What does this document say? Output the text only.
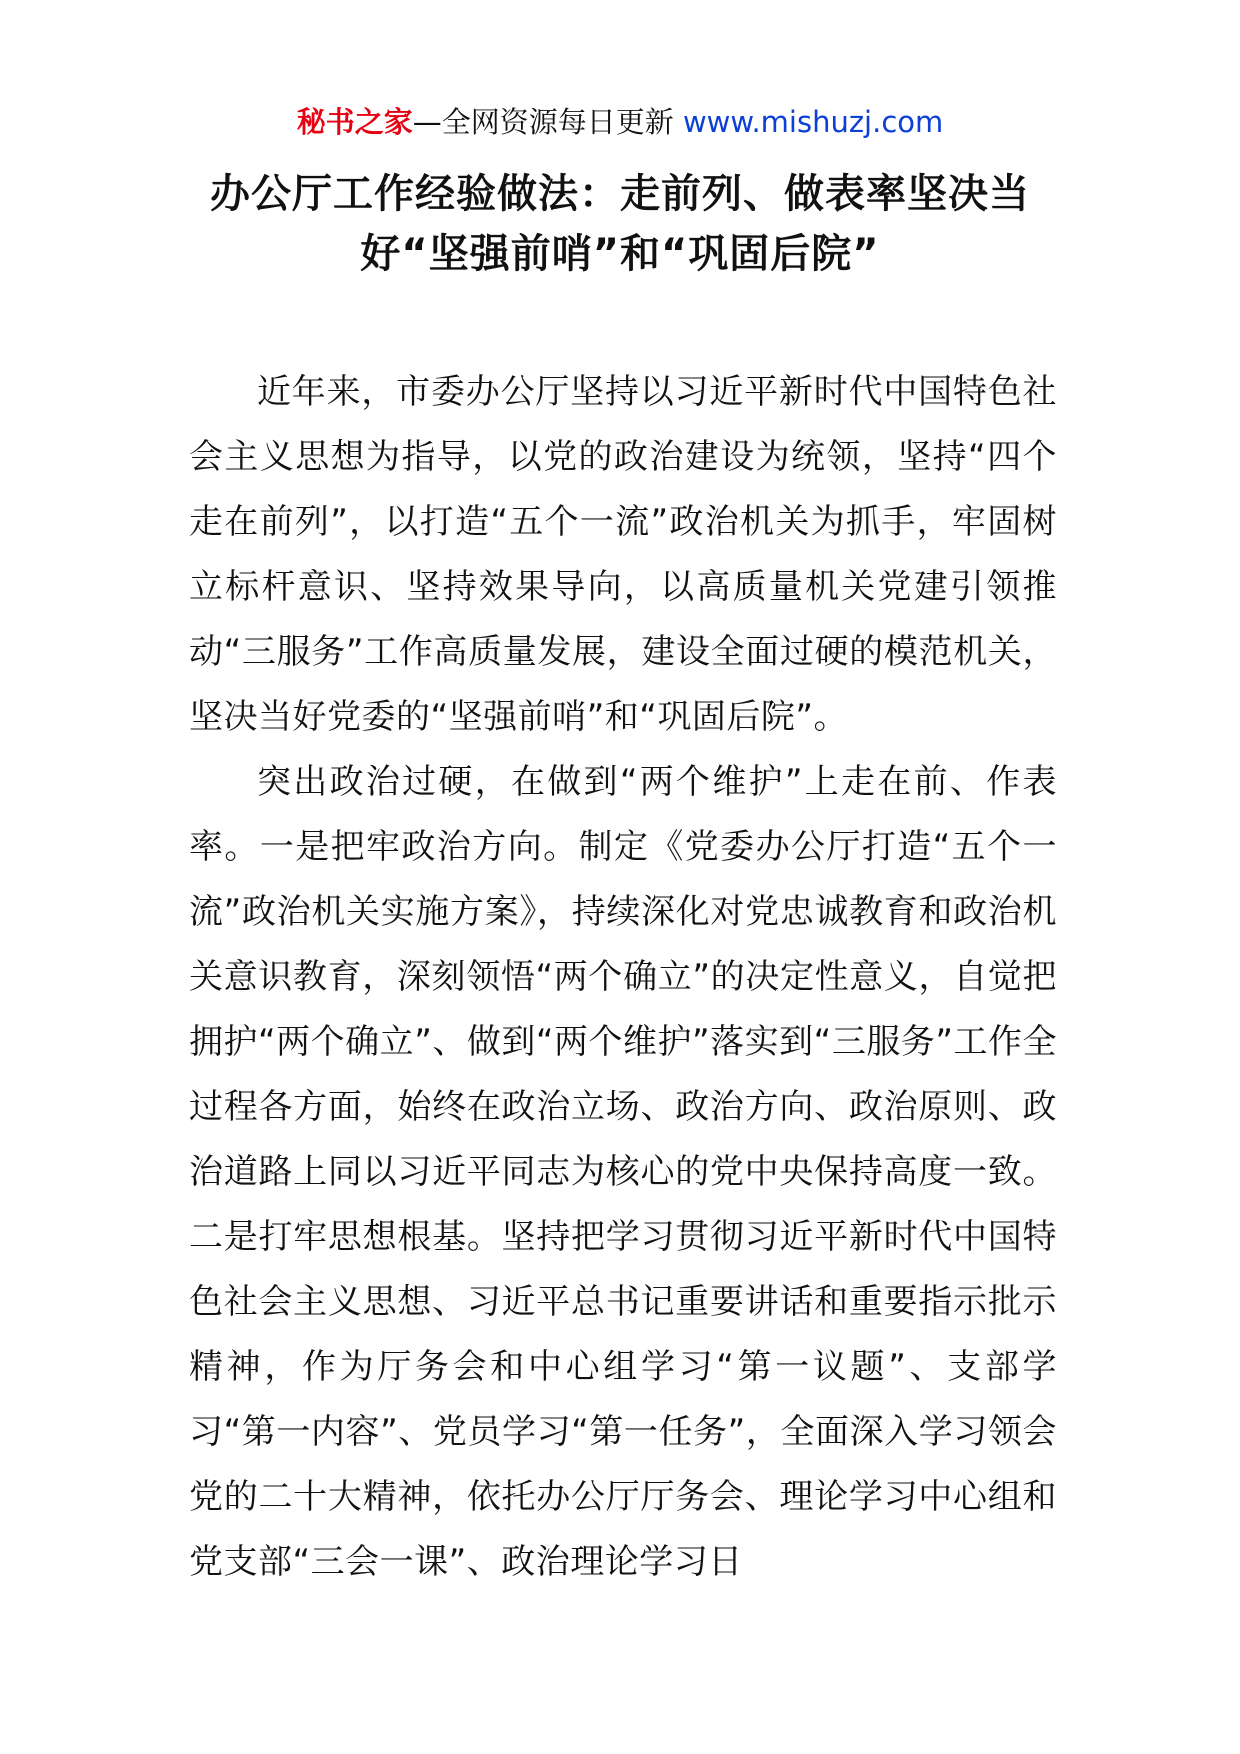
秘书之家—全网资源每日更新 www.mishuzj.com
办公厅工作经验做法：走前列、做表率坚决当
好“坚强前哨”和“巩固后院”

近年来，市委办公厅坚持以习近平新时代中国特色社会主义思想为指导，以党的政治建设为统领，坚持“四个走在前列”，以打造“五个一流”政治机关为抓手，牢固树立标杆意识、坚持效果导向，以高质量机关党建引领推动“三服务”工作高质量发展，建设全面过硬的模范机关，坚决当好党委的“坚强前哨”和“巩固后院”。

突出政治过硬，在做到“两个维护”上走在前、作表率。一是把牢政治方向。制定《党委办公厅打造“五个一流”政治机关实施方案》，持续深化对党忠诚教育和政治机关意识教育，深刻领悟“两个确立”的决定性意义，自觉把拥护“两个确立”、做到“两个维护”落实到“三服务”工作全过程各方面，始终在政治立场、政治方向、政治原则、政治道路上同以习近平同志为核心的党中央保持高度一致。二是打牢思想根基。坚持把学习贯彻习近平新时代中国特色社会主义思想、习近平总书记重要讲话和重要指示批示精神，作为厅务会和中心组学习“第一议题”、支部学习“第一内容”、党员学习“第一任务”，全面深入学习领会党的二十大精神，依托办公厅厅务会、理论学习中心组和党支部“三会一课”、政治理论学习日
